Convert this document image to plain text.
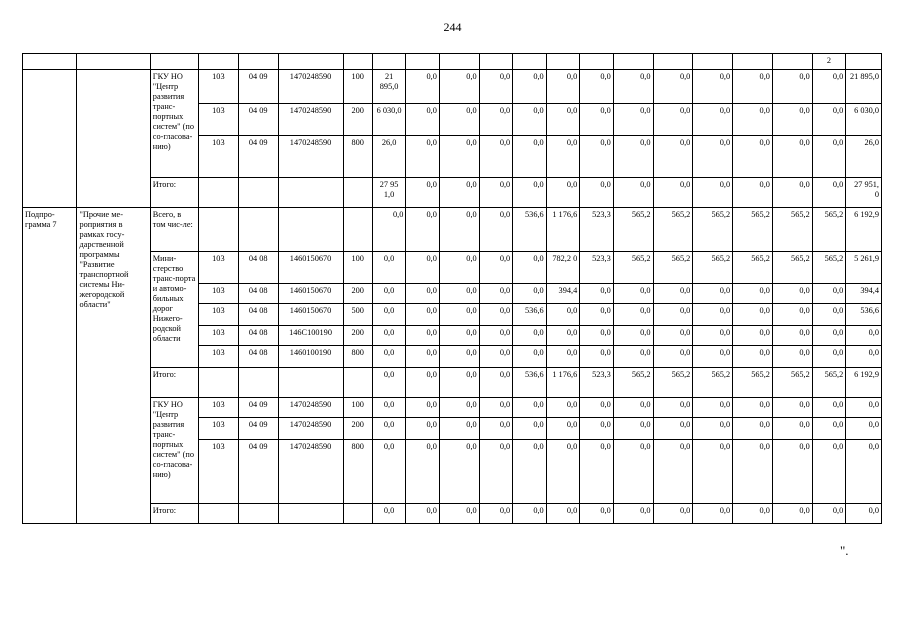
244
																			2	
		ГКУ НО "Центр развития транс-портных систем" (по со-гласова-нию)	103	04 09	1470248590	100	21 895,0	0,0	0,0	0,0	0,0	0,0	0,0	0,0	0,0	0,0	0,0	0,0	0,0	21 895,0
			103	04 09	1470248590	200	6 030,0	0,0	0,0	0,0	0,0	0,0	0,0	0,0	0,0	0,0	0,0	0,0	0,0	6 030,0
			103	04 09	1470248590	800	26,0	0,0	0,0	0,0	0,0	0,0	0,0	0,0	0,0	0,0	0,0	0,0	0,0	26,0
		Итого:					27 95 1,0	0,0	0,0	0,0	0,0	0,0	0,0	0,0	0,0	0,0	0,0	0,0	0,0	27 951, 0
Подпро-грамма 7	"Прочие ме-роприятия в рамках госу-дарственной программы "Развитие транспортной системы Ни-жегородской области"	Всего, в том чис-ле:					0,0	0,0	0,0	0,0	536,6	1 176,6	523,3	565,2	565,2	565,2	565,2	565,2	565,2	6 192,9
		Мини-стерство транс-порта и автомо-бильных дорог Нижего-родской области	103	04 08	1460150670	100	0,0	0,0	0,0	0,0	0,0	782,2 0	523,3	565,2	565,2	565,2	565,2	565,2	565,2	5 261,9
			103	04 08	1460150670	200	0,0	0,0	0,0	0,0	0,0	394,4	0,0	0,0	0,0	0,0	0,0	0,0	0,0	394,4
			103	04 08	1460150670	500	0,0	0,0	0,0	0,0	536,6	0,0	0,0	0,0	0,0	0,0	0,0	0,0	0,0	536,6
			103	04 08	146C100190	200	0,0	0,0	0,0	0,0	0,0	0,0	0,0	0,0	0,0	0,0	0,0	0,0	0,0	0,0
			103	04 08	1460100190	800	0,0	0,0	0,0	0,0	0,0	0,0	0,0	0,0	0,0	0,0	0,0	0,0	0,0	0,0
		Итого:					0,0	0,0	0,0	0,0	536,6	1 176,6	523,3	565,2	565,2	565,2	565,2	565,2	565,2	6 192,9
		ГКУ НО "Центр развития транс-портных систем" (по со-гласова-нию)	103	04 09	1470248590	100	0,0	0,0	0,0	0,0	0,0	0,0	0,0	0,0	0,0	0,0	0,0	0,0	0,0	0,0
			103	04 09	1470248590	200	0,0	0,0	0,0	0,0	0,0	0,0	0,0	0,0	0,0	0,0	0,0	0,0	0,0	0,0
			103	04 09	1470248590	800	0,0	0,0	0,0	0,0	0,0	0,0	0,0	0,0	0,0	0,0	0,0	0,0	0,0	0,0
		Итого:					0,0	0,0	0,0	0,0	0,0	0,0	0,0	0,0	0,0	0,0	0,0	0,0	0,0	0,0
".
